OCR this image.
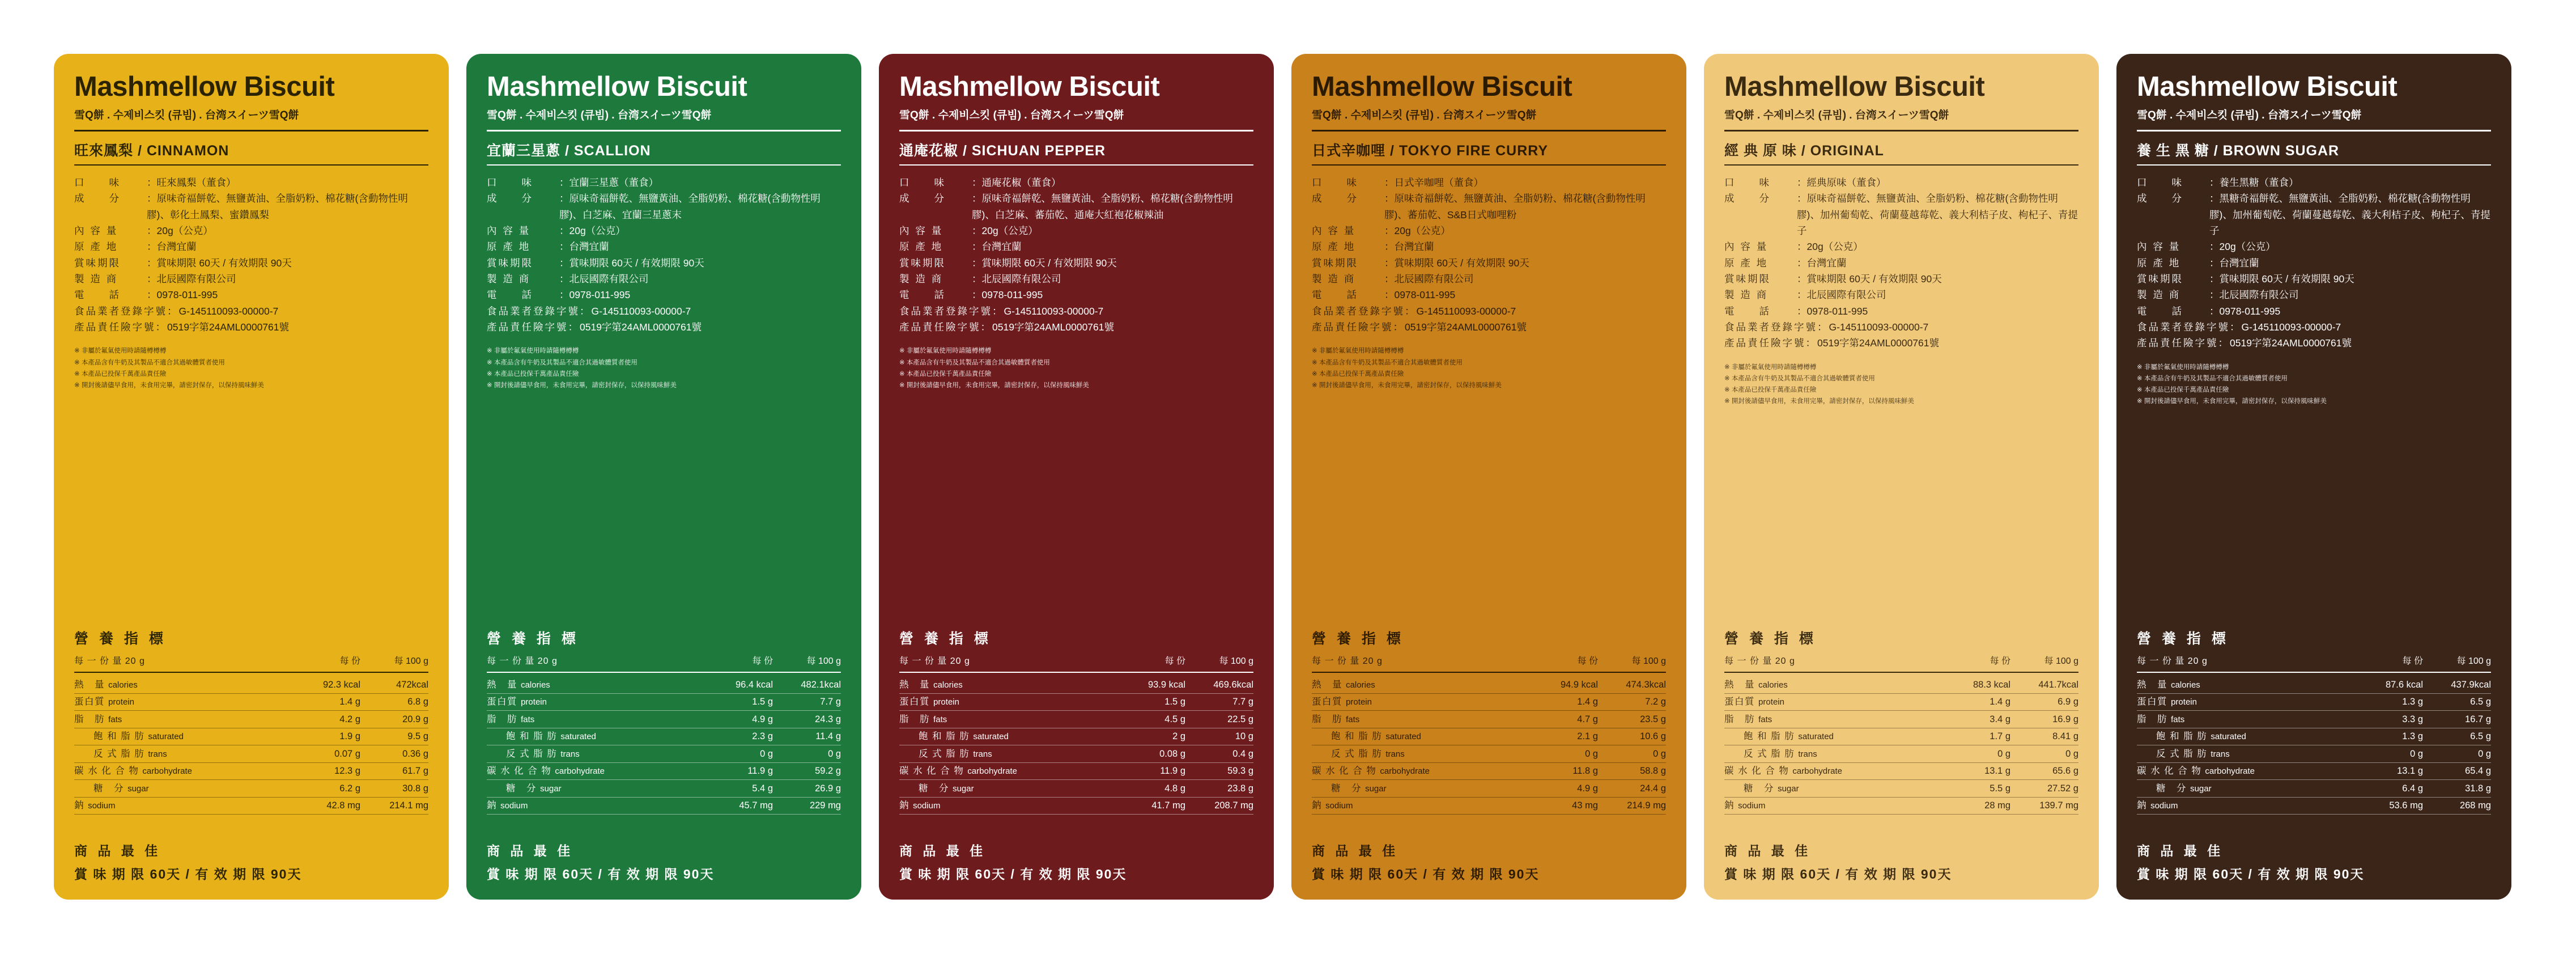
Mashmellow Biscuit
雪Q餅 . 수제비스킷 (큐빔) . 台湾スイーツ雪Q餅
旺來鳳梨 / CINNAMON
口　　味	：旺來鳳梨（董食）
成　　分	：原味奇福餅乾、無鹽黃油、全脂奶粉、棉花糖(含動物性明膠)、彰化土鳳梨、蜜鑽鳳梨
內 容 量	：20g（公克）
原 產 地	：台灣宜蘭
賞味期限	：賞味期限 60天 / 有效期限 90天
製 造 商	：北辰國際有限公司
電　　話	：0978-011-995
食品業者登錄字號： G-145110093-00000-7
產品責任險字號： 0519字第24AML0000761號
※ 非屬於氟氣使用時請隨樽樽樽
※ 本產品含有牛奶及其製品不適合其過敏體質者使用
※ 本產品已投保千萬產品責任險
※ 開封後請儘早食用，未食用完畢，請密封保存，以保持風味鮮美
營 養 指 標
每 一 份 量 20 g	每 份	每 100 g
熱　量 calories	92.3 kcal	472kcal
蛋白質 protein	1.4 g	6.8 g
脂　肪 fats	4.2 g	20.9 g
飽 和 脂 肪 saturated	1.9 g	9.5 g
反 式 脂 肪 trans	0.07 g	0.36 g
碳 水 化 合 物 carbohydrate	12.3 g	61.7 g
糖　分 sugar	6.2 g	30.8 g
鈉 sodium	42.8 mg	214.1 mg
商 品 最 佳
賞 味 期 限 60天 / 有 效 期 限 90天
Mashmellow Biscuit
雪Q餅 . 수제비스킷 (큐빔) . 台湾スイーツ雪Q餅
宜蘭三星蔥 / SCALLION
口　　味	：宜蘭三星蔥（董食）
成　　分	：原味奇福餅乾、無鹽黃油、全脂奶粉、棉花糖(含動物性明膠)、白芝麻、宜蘭三星蔥末
內 容 量	：20g（公克）
原 產 地	：台灣宜蘭
賞味期限	：賞味期限 60天 / 有效期限 90天
製 造 商	：北辰國際有限公司
電　　話	：0978-011-995
食品業者登錄字號： G-145110093-00000-7
產品責任險字號： 0519字第24AML0000761號
※ 非屬於氟氣使用時請隨樽樽樽
※ 本產品含有牛奶及其製品不適合其過敏體質者使用
※ 本產品已投保千萬產品責任險
※ 開封後請儘早食用，未食用完畢，請密封保存，以保持風味鮮美
營 養 指 標
每 一 份 量 20 g	每 份	每 100 g
熱　量 calories	96.4 kcal	482.1kcal
蛋白質 protein	1.5 g	7.7 g
脂　肪 fats	4.9 g	24.3 g
飽 和 脂 肪 saturated	2.3 g	11.4 g
反 式 脂 肪 trans	0 g	0 g
碳 水 化 合 物 carbohydrate	11.9 g	59.2 g
糖　分 sugar	5.4 g	26.9 g
鈉 sodium	45.7 mg	229 mg
商 品 最 佳
賞 味 期 限 60天 / 有 效 期 限 90天
Mashmellow Biscuit
雪Q餅 . 수제비스킷 (큐빔) . 台湾スイーツ雪Q餅
通庵花椒 / SICHUAN PEPPER
口　　味	：通庵花椒（董食）
成　　分	：原味奇福餅乾、無鹽黃油、全脂奶粉、棉花糖(含動物性明膠)、白芝麻、蕃茄乾、通庵大紅袍花椒辣油
內 容 量	：20g（公克）
原 產 地	：台灣宜蘭
賞味期限	：賞味期限 60天 / 有效期限 90天
製 造 商	：北辰國際有限公司
電　　話	：0978-011-995
食品業者登錄字號： G-145110093-00000-7
產品責任險字號： 0519字第24AML0000761號
※ 非屬於氟氣使用時請隨樽樽樽
※ 本產品含有牛奶及其製品不適合其過敏體質者使用
※ 本產品已投保千萬產品責任險
※ 開封後請儘早食用，未食用完畢，請密封保存，以保持風味鮮美
營 養 指 標
每 一 份 量 20 g	每 份	每 100 g
熱　量 calories	93.9 kcal	469.6kcal
蛋白質 protein	1.5 g	7.7 g
脂　肪 fats	4.5 g	22.5 g
飽 和 脂 肪 saturated	2 g	10 g
反 式 脂 肪 trans	0.08 g	0.4 g
碳 水 化 合 物 carbohydrate	11.9 g	59.3 g
糖　分 sugar	4.8 g	23.8 g
鈉 sodium	41.7 mg	208.7 mg
商 品 最 佳
賞 味 期 限 60天 / 有 效 期 限 90天
Mashmellow Biscuit
雪Q餅 . 수제비스킷 (큐빔) . 台湾スイーツ雪Q餅
日式辛咖哩 / TOKYO FIRE CURRY
口　　味	：日式辛咖哩（董食）
成　　分	：原味奇福餅乾、無鹽黃油、全脂奶粉、棉花糖(含動物性明膠)、蕃茄乾、S&B日式咖哩粉
內 容 量	：20g（公克）
原 產 地	：台灣宜蘭
賞味期限	：賞味期限 60天 / 有效期限 90天
製 造 商	：北辰國際有限公司
電　　話	：0978-011-995
食品業者登錄字號： G-145110093-00000-7
產品責任險字號： 0519字第24AML0000761號
※ 非屬於氟氣使用時請隨樽樽樽
※ 本產品含有牛奶及其製品不適合其過敏體質者使用
※ 本產品已投保千萬產品責任險
※ 開封後請儘早食用，未食用完畢，請密封保存，以保持風味鮮美
營 養 指 標
每 一 份 量 20 g	每 份	每 100 g
熱　量 calories	94.9 kcal	474.3kcal
蛋白質 protein	1.4 g	7.2 g
脂　肪 fats	4.7 g	23.5 g
飽 和 脂 肪 saturated	2.1 g	10.6 g
反 式 脂 肪 trans	0 g	0 g
碳 水 化 合 物 carbohydrate	11.8 g	58.8 g
糖　分 sugar	4.9 g	24.4 g
鈉 sodium	43 mg	214.9 mg
商 品 最 佳
賞 味 期 限 60天 / 有 效 期 限 90天
Mashmellow Biscuit
雪Q餅 . 수제비스킷 (큐빔) . 台湾スイーツ雪Q餅
經 典 原 味 / ORIGINAL
口　　味	：經典原味（董食）
成　　分	：原味奇福餅乾、無鹽黃油、全脂奶粉、棉花糖(含動物性明膠)、加州葡萄乾、荷蘭蔓越莓乾、義大利桔子皮、枸杞子、青提子
內 容 量	：20g（公克）
原 產 地	：台灣宜蘭
賞味期限	：賞味期限 60天 / 有效期限 90天
製 造 商	：北辰國際有限公司
電　　話	：0978-011-995
食品業者登錄字號： G-145110093-00000-7
產品責任險字號： 0519字第24AML0000761號
※ 非屬於氟氣使用時請隨樽樽樽
※ 本產品含有牛奶及其製品不適合其過敏體質者使用
※ 本產品已投保千萬產品責任險
※ 開封後請儘早食用，未食用完畢，請密封保存，以保持風味鮮美
營 養 指 標
每 一 份 量 20 g	每 份	每 100 g
熱　量 calories	88.3 kcal	441.7kcal
蛋白質 protein	1.4 g	6.9 g
脂　肪 fats	3.4 g	16.9 g
飽 和 脂 肪 saturated	1.7 g	8.41 g
反 式 脂 肪 trans	0 g	0 g
碳 水 化 合 物 carbohydrate	13.1 g	65.6 g
糖　分 sugar	5.5 g	27.52 g
鈉 sodium	28 mg	139.7 mg
商 品 最 佳
賞 味 期 限 60天 / 有 效 期 限 90天
Mashmellow Biscuit
雪Q餅 . 수제비스킷 (큐빔) . 台湾スイーツ雪Q餅
養 生 黑 糖 / BROWN SUGAR
口　　味	：養生黑糖（董食）
成　　分	：黑糖奇福餅乾、無鹽黃油、全脂奶粉、棉花糖(含動物性明膠)、加州葡萄乾、荷蘭蔓越莓乾、義大利桔子皮、枸杞子、青提子
內 容 量	：20g（公克）
原 產 地	：台灣宜蘭
賞味期限	：賞味期限 60天 / 有效期限 90天
製 造 商	：北辰國際有限公司
電　　話	：0978-011-995
食品業者登錄字號： G-145110093-00000-7
產品責任險字號： 0519字第24AML0000761號
※ 非屬於氟氣使用時請隨樽樽樽
※ 本產品含有牛奶及其製品不適合其過敏體質者使用
※ 本產品已投保千萬產品責任險
※ 開封後請儘早食用，未食用完畢，請密封保存，以保持風味鮮美
營 養 指 標
每 一 份 量 20 g	每 份	每 100 g
熱　量 calories	87.6 kcal	437.9kcal
蛋白質 protein	1.3 g	6.5 g
脂　肪 fats	3.3 g	16.7 g
飽 和 脂 肪 saturated	1.3 g	6.5 g
反 式 脂 肪 trans	0 g	0 g
碳 水 化 合 物 carbohydrate	13.1 g	65.4 g
糖　分 sugar	6.4 g	31.8 g
鈉 sodium	53.6 mg	268 mg
商 品 最 佳
賞 味 期 限 60天 / 有 效 期 限 90天
